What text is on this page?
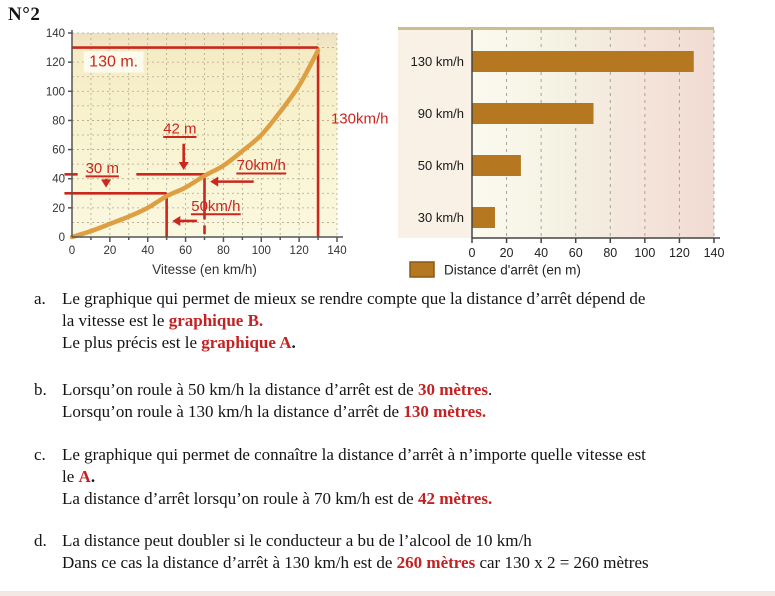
N°2
130 m.
42 m
30 m	70km/h
50km/h
130km/h
0 20 40 60 80 100 120 140
0
20
40
60
80
100
120
140
Vitesse (en km/h)
130 km/h
90 km/h
50 km/h
30 km/h
0 20 40 60 80 100 120 140
Distance d'arrêt (en m)
a. Le graphique qui permet de mieux se rendre compte que la distance d’arrêt dépend de
la vitesse est le graphique B.
Le plus précis est le graphique A.
b. Lorsqu’on roule à 50 km/h la distance d’arrêt est de 30 mètres.
Lorsqu’on roule à 130 km/h la distance d’arrêt de 130 mètres.
c. Le graphique qui permet de connaître la distance d’arrêt à n’importe quelle vitesse est
le A.
La distance d’arrêt lorsqu’on roule à 70 km/h est de 42 mètres.
d. La distance peut doubler si le conducteur a bu de l’alcool de 10 km/h
Dans ce cas la distance d’arrêt à 130 km/h est de 260 mètres car 130 x 2 = 260 mètres
